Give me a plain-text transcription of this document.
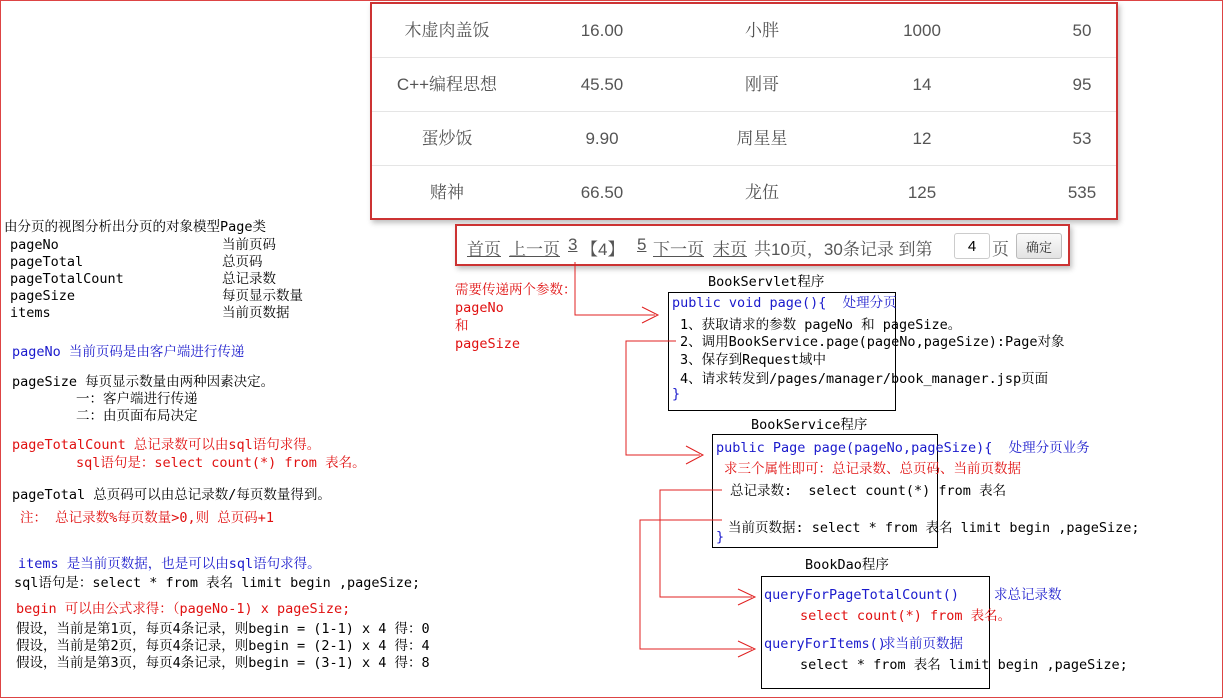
木虚肉盖饭	16.00	小胖	1000	50
C++编程思想	45.50	刚哥	14	95
蛋炒饭	9.90	周星星	12	53
赌神	66.50	龙伍	125	535
首页 上一页 3 【4】 5 下一页 末页 共10页，30条记录 到第
4	页	确定
由分页的视图分析出分页的对象模型Page类
pageNo	当前页码
pageTotal	总页码
pageTotalCount	总记录数
pageSize	每页显示数量
items	当前页数据
pageNo 当前页码是由客户端进行传递
pageSize 每页显示数量由两种因素决定。
一：客户端进行传递
二：由页面布局决定
pageTotalCount 总记录数可以由sql语句求得。
sql语句是：select count(*) from 表名。
pageTotal 总页码可以由总记录数/每页数量得到。
注： 总记录数%每页数量>0,则 总页码+1
items 是当前页数据，也是可以由sql语句求得。
sql语句是：select * from 表名 limit begin ,pageSize;
begin 可以由公式求得：（pageNo-1) x pageSize;
假设，当前是第1页，每页4条记录，则begin = (1-1) x 4 得：0
假设，当前是第2页，每页4条记录，则begin = (2-1) x 4 得：4
假设，当前是第3页，每页4条记录，则begin = (3-1) x 4 得：8
需要传递两个参数：
pageNo
和
pageSize
BookServlet程序
public void page(){  处理分页
1、获取请求的参数 pageNo 和 pageSize。
2、调用BookService.page(pageNo,pageSize):Page对象
3、保存到Request域中
4、请求转发到/pages/manager/book_manager.jsp页面
}
BookService程序
public Page page(pageNo,pageSize){  处理分页业务
求三个属性即可：总记录数、总页码、当前页数据
总记录数:  select count(*) from 表名
当前页数据: select * from 表名 limit begin ,pageSize;
}
BookDao程序
queryForPageTotalCount()	求总记录数
select count(*) from 表名。
queryForItems()
求当前页数据
select * from 表名 limit begin ,pageSize;
